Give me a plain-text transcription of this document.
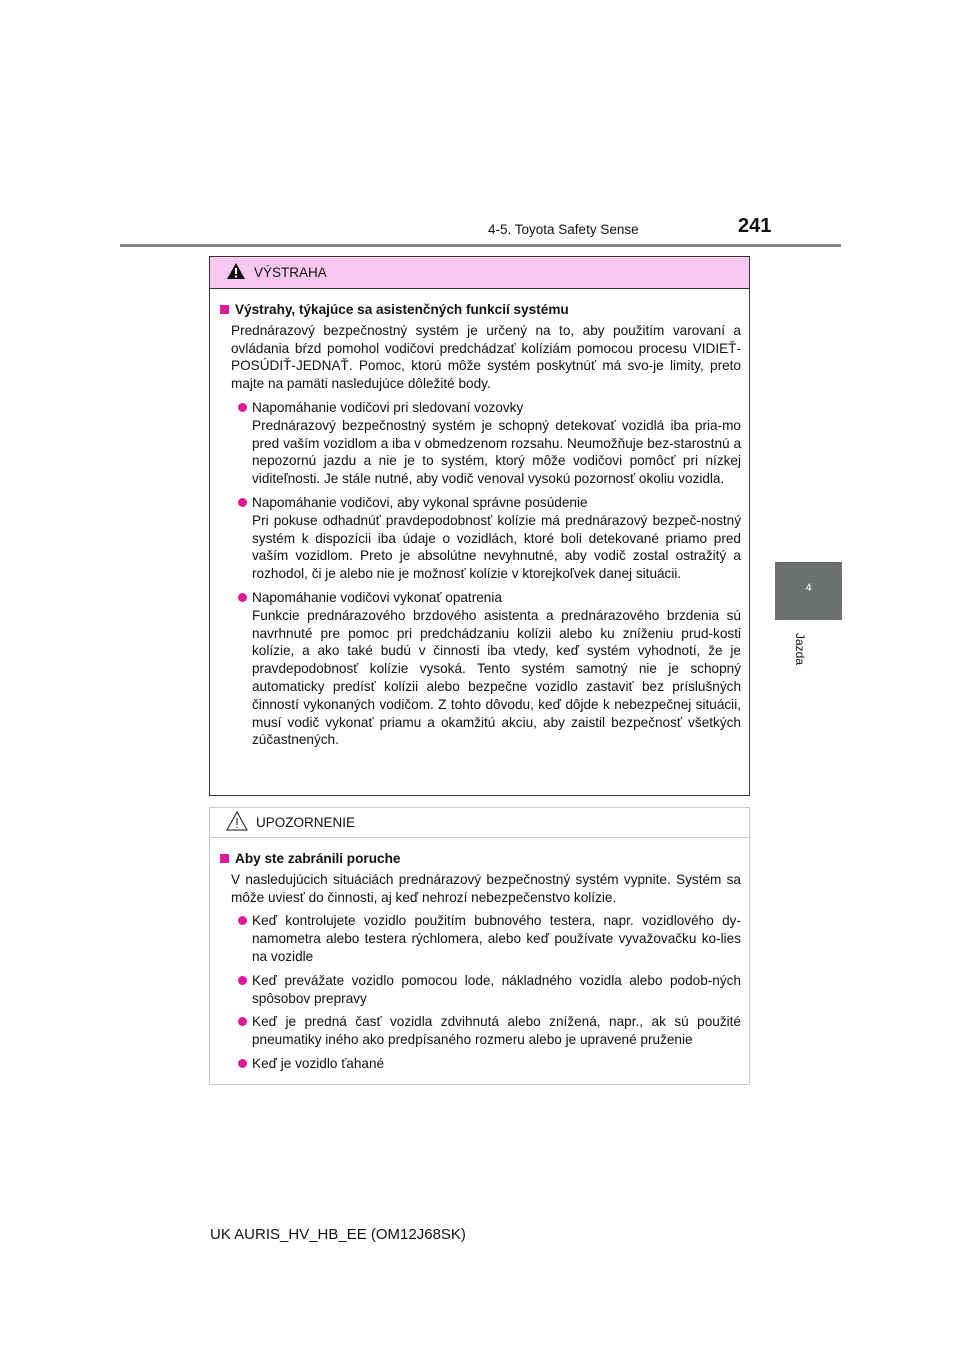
4-5. Toyota Safety Sense	241
4
Jazda
VÝSTRAHA
Výstrahy, týkajúce sa asistenčných funkcií systému
Prednárazový bezpečnostný systém je určený na to, aby použitím varovaní a ovládania bŕzd pomohol vodičovi predchádzať kolíziám pomocou procesu VIDIEŤ-POSÚDIŤ-JEDNAŤ. Pomoc, ktorú môže systém poskytnúť má svo-je limity, preto majte na pamäti nasledujúce dôležité body.
Napomáhanie vodičovi pri sledovaní vozovky
Prednárazový bezpečnostný systém je schopný detekovať vozidlá iba pria-mo pred vaším vozidlom a iba v obmedzenom rozsahu. Neumožňuje bez-starostnú a nepozornú jazdu a nie je to systém, ktorý môže vodičovi pomôcť pri nízkej viditeľnosti. Je stále nutné, aby vodič venoval vysokú pozornosť okoliu vozidla.
Napomáhanie vodičovi, aby vykonal správne posúdenie
Pri pokuse odhadnúť pravdepodobnosť kolízie má prednárazový bezpeč-nostný systém k dispozícii iba údaje o vozidlách, ktoré boli detekované priamo pred vaším vozidlom. Preto je absolútne nevyhnutné, aby vodič zostal ostražitý a rozhodol, či je alebo nie je možnosť kolízie v ktorejkoľvek danej situácii.
Napomáhanie vodičovi vykonať opatrenia
Funkcie prednárazového brzdového asistenta a prednárazového brzdenia sú navrhnuté pre pomoc pri predchádzaniu kolízii alebo ku zníženiu prud-kosti kolízie, a ako také budú v činnosti iba vtedy, keď systém vyhodnotí, že je pravdepodobnosť kolízie vysoká. Tento systém samotný nie je schopný automaticky predísť kolízii alebo bezpečne vozidlo zastaviť bez príslušných činností vykonaných vodičom. Z tohto dôvodu, keď dôjde k nebezpečnej situácii, musí vodič vykonať priamu a okamžitú akciu, aby zaistil bezpečnosť všetkých zúčastnených.
UPOZORNENIE
Aby ste zabránili poruche
V nasledujúcich situáciách prednárazový bezpečnostný systém vypnite. Systém sa môže uviesť do činnosti, aj keď nehrozí nebezpečenstvo kolízie.
Keď kontrolujete vozidlo použitím bubnového testera, napr. vozidlového dy-namometra alebo testera rýchlomera, alebo keď používate vyvažovačku ko-lies na vozidle
Keď prevážate vozidlo pomocou lode, nákladného vozidla alebo podob-ných spôsobov prepravy
Keď je predná časť vozidla zdvihnutá alebo znížená, napr., ak sú použité pneumatiky iného ako predpísaného rozmeru alebo je upravené pruženie
Keď je vozidlo ťahané
UK AURIS_HV_HB_EE (OM12J68SK)
